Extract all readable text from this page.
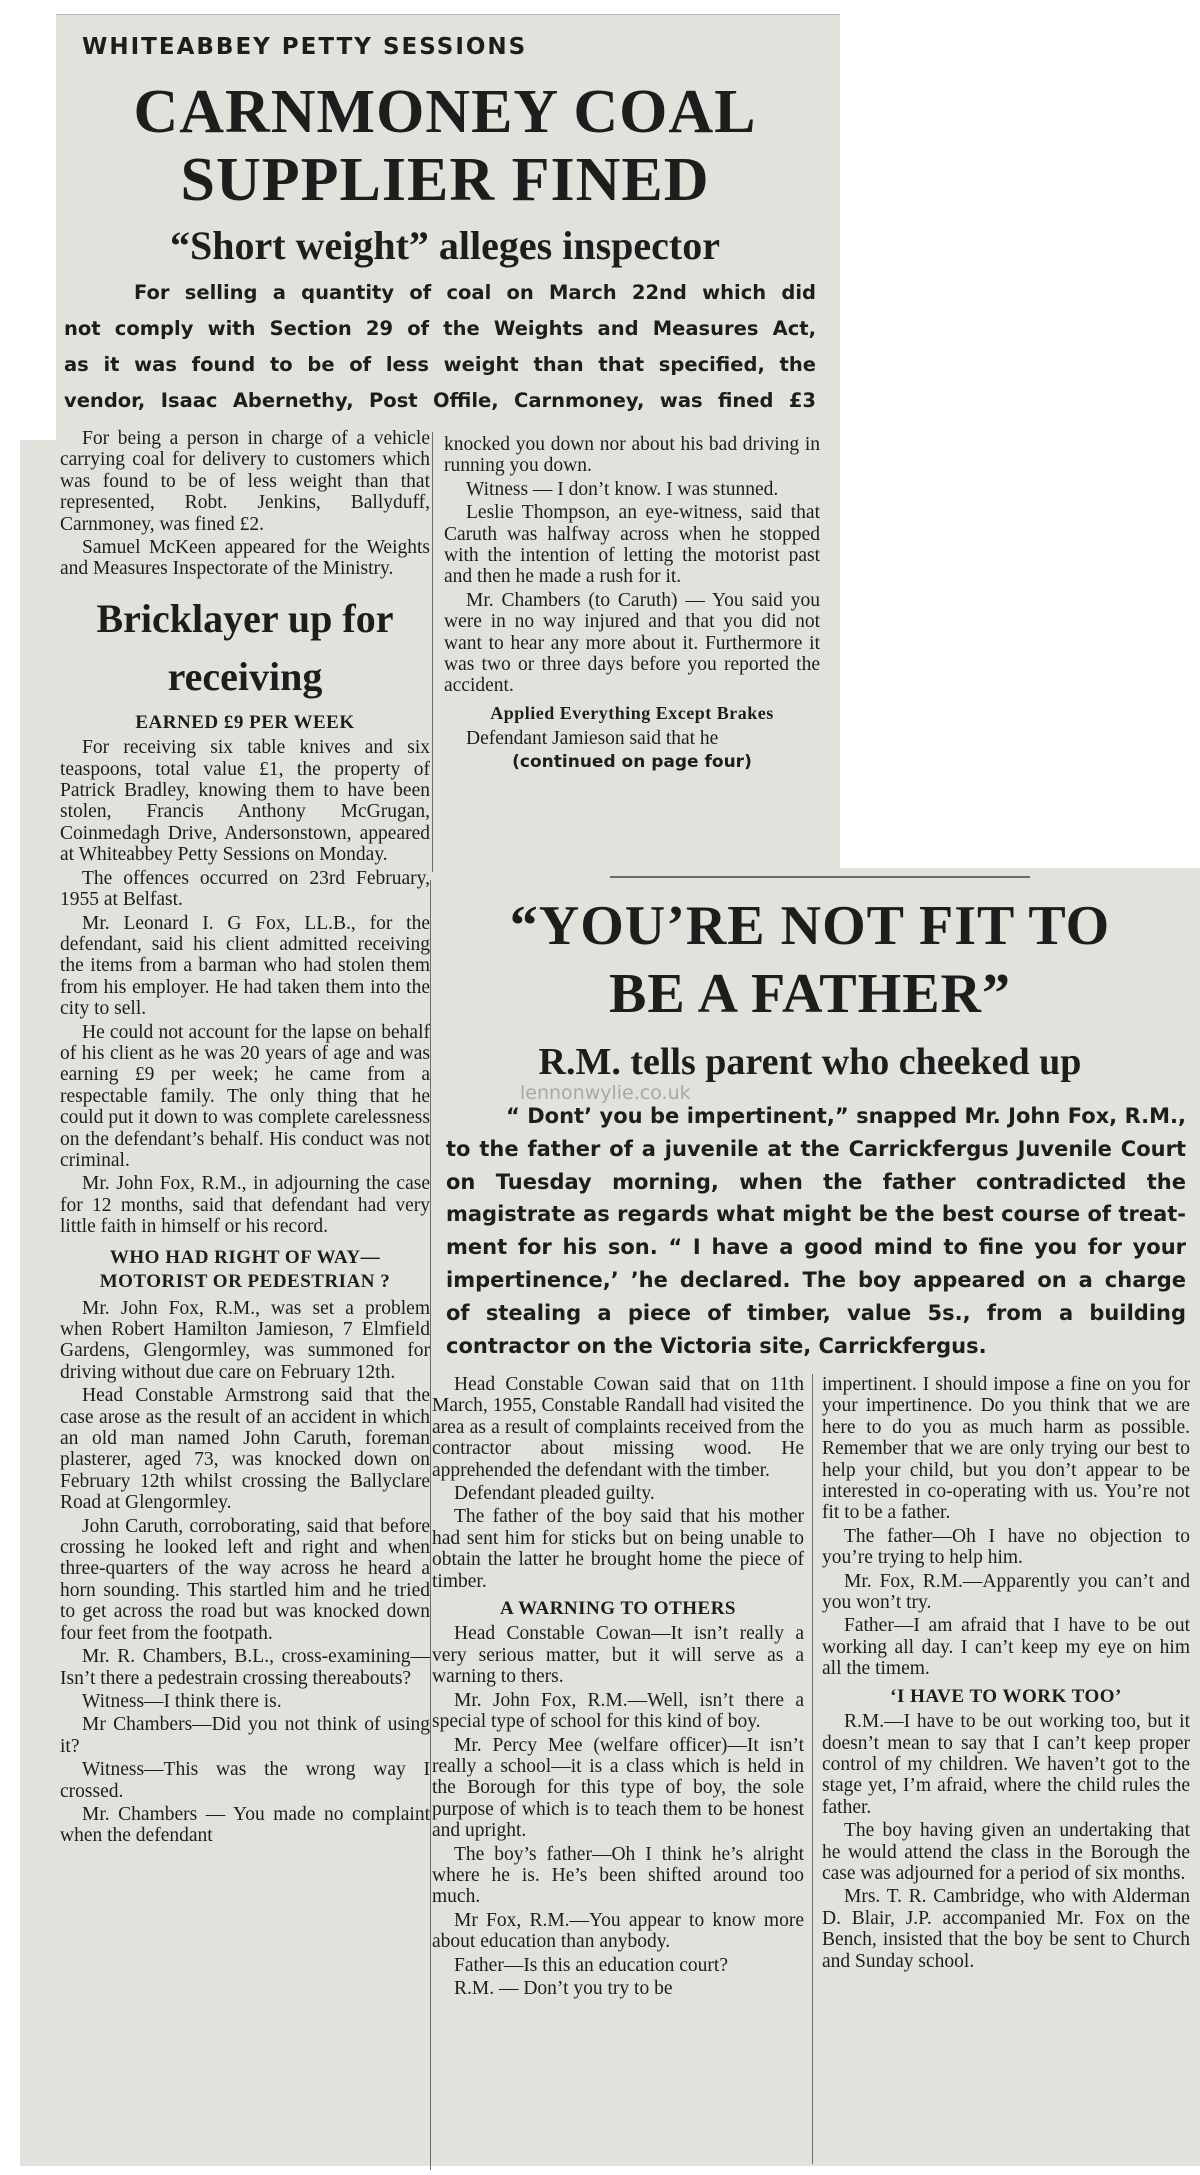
WHITEABBEY PETTY SESSIONS
CARNMONEY COAL
SUPPLIER FINED
“Short weight” alleges inspector
For selling a quantity of coal on March 22nd which did
not comply with Section 29 of the Weights and Measures Act,
as it was found to be of less weight than that specified, the
vendor, Isaac Abernethy, Post Offile, Carnmoney, was fined £3

For being a person in charge of a vehicle carrying coal for delivery to customers which was found to be of less weight than that represented, Robt. Jenkins, Ballyduff, Carnmoney, was fined £2.

Samuel McKeen appeared for the Weights and Measures Inspectorate of the Ministry.

Bricklayer up for
receiving
EARNED £9 PER WEEK

For receiving six table knives and six teaspoons, total value £1, the property of Patrick Bradley, knowing them to have been stolen, Francis Anthony McGrugan, Coinmedagh Drive, Andersonstown, appeared at Whiteabbey Petty Sessions on Monday.

The offences occurred on 23rd February, 1955 at Belfast.

Mr. Leonard I. G Fox, LL.B., for the defendant, said his client admitted receiving the items from a barman who had stolen them from his employer. He had taken them into the city to sell.

He could not account for the lapse on behalf of his client as he was 20 years of age and was earning £9 per week; he came from a respectable family. The only thing that he could put it down to was complete carelessness on the defendant’s behalf. His conduct was not criminal.

Mr. John Fox, R.M., in adjourning the case for 12 months, said that defendant had very little faith in himself or his record.

WHO HAD RIGHT OF WAY—
MOTORIST OR PEDESTRIAN ?

Mr. John Fox, R.M., was set a problem when Robert Hamilton Jamieson, 7 Elmfield Gardens, Glengormley, was summoned for driving without due care on February 12th.

Head Constable Armstrong said that the case arose as the result of an accident in which an old man named John Caruth, foreman plasterer, aged 73, was knocked down on February 12th whilst crossing the Ballyclare Road at Glengormley.

John Caruth, corroborating, said that before crossing he looked left and right and when three-quarters of the way across he heard a horn sounding. This startled him and he tried to get across the road but was knocked down four feet from the footpath.

Mr. R. Chambers, B.L., cross-examining—Isn’t there a pedestrain crossing thereabouts?

Witness—I think there is.

Mr Chambers—Did you not think of using it?

Witness—This was the wrong way I crossed.

Mr. Chambers — You made no complaint when the defendant

knocked you down nor about his bad driving in running you down.

Witness — I don’t know. I was stunned.

Leslie Thompson, an eye-witness, said that Caruth was halfway across when he stopped with the intention of letting the motorist past and then he made a rush for it.

Mr. Chambers (to Caruth) — You said you were in no way injured and that you did not want to hear any more about it. Furthermore it was two or three days before you reported the accident.

Applied Everything Except Brakes

Defendant Jamieson said that he

(continued on page four)
“YOU’RE NOT FIT TO
BE A FATHER”
R.M. tells parent who cheeked up
lennonwylie.co.uk
“ Dont’ you be impertinent,” snapped Mr. John Fox, R.M.,
to the father of a juvenile at the Carrickfergus Juvenile Court
on Tuesday morning, when the father contradicted the
magistrate as regards what might be the best course of treat-
ment for his son. “ I have a good mind to fine you for your
impertinence,’ ’he declared. The boy appeared on a charge
of stealing a piece of timber, value 5s., from a building
contractor on the Victoria site, Carrickfergus.

Head Constable Cowan said that on 11th March, 1955, Constable Randall had visited the area as a result of complaints received from the contractor about missing wood. He apprehended the defendant with the timber.

Defendant pleaded guilty.

The father of the boy said that his mother had sent him for sticks but on being unable to obtain the latter he brought home the piece of timber.

A WARNING TO OTHERS

Head Constable Cowan—It isn’t really a very serious matter, but it will serve as a warning to thers.

Mr. John Fox, R.M.—Well, isn’t there a special type of school for this kind of boy.

Mr. Percy Mee (welfare officer)—It isn’t really a school—it is a class which is held in the Borough for this type of boy, the sole purpose of which is to teach them to be honest and upright.

The boy’s father—Oh I think he’s alright where he is. He’s been shifted around too much.

Mr Fox, R.M.—You appear to know more about education than anybody.

Father—Is this an education court?

R.M. — Don’t you try to be

impertinent. I should impose a fine on you for your impertinence. Do you think that we are here to do you as much harm as possible. Remember that we are only trying our best to help your child, but you don’t appear to be interested in co-operating with us. You’re not fit to be a father.

The father—Oh I have no objection to you’re trying to help him.

Mr. Fox, R.M.—Apparently you can’t and you won’t try.

Father—I am afraid that I have to be out working all day. I can’t keep my eye on him all the timem.

‘I HAVE TO WORK TOO’

R.M.—I have to be out working too, but it doesn’t mean to say that I can’t keep proper control of my children. We haven’t got to the stage yet, I’m afraid, where the child rules the father.

The boy having given an undertaking that he would attend the class in the Borough the case was adjourned for a period of six months.

Mrs. T. R. Cambridge, who with Alderman D. Blair, J.P. accompanied Mr. Fox on the Bench, insisted that the boy be sent to Church and Sunday school.
